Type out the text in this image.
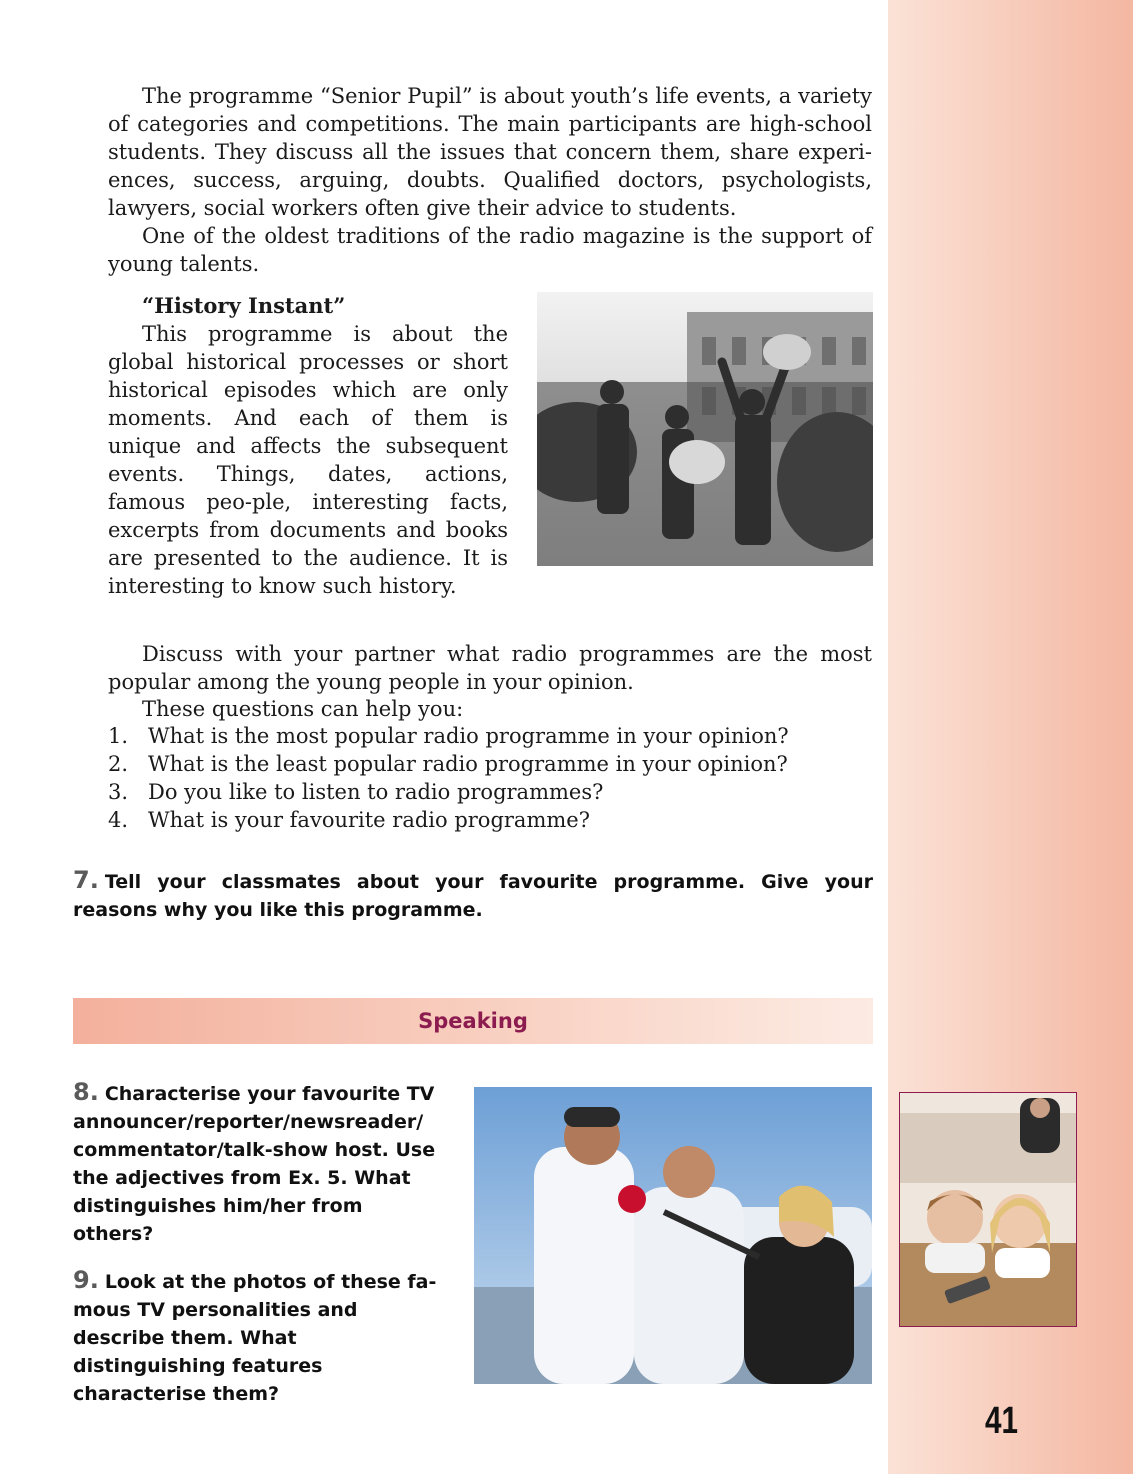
The programme “Senior Pupil” is about youth’s life events, a variety of categories and competitions. The main participants are high-school students. They discuss all the issues that concern them, share experi-ences, success, arguing, doubts. Qualified doctors, psychologists, lawyers, social workers often give their advice to students.

One of the oldest traditions of the radio magazine is the support of young talents.

“History Instant”

This programme is about the global historical processes or short historical episodes which are only moments. And each of them is unique and affects the subsequent events. Things, dates, actions, famous peo-ple, interesting facts, excerpts from documents and books are presented to the audience. It is interesting to know such history.

Discuss with your partner what radio programmes are the most popular among the young people in your opinion.

These questions can help you:

1. What is the most popular radio programme in your opinion?
2. What is the least popular radio programme in your opinion?
3. Do you like to listen to radio programmes?
4. What is your favourite radio programme?

7. Tell your classmates about your favourite programme. Give your reasons why you like this programme.

Speaking

8. Characterise your favourite TV announcer/reporter/newsreader/ commentator/talk-show host. Use the adjectives from Ex. 5. What distinguishes him/her from others?

9. Look at the photos of these fa-mous TV personalities and describe them. What distinguishing features characterise them?

41
